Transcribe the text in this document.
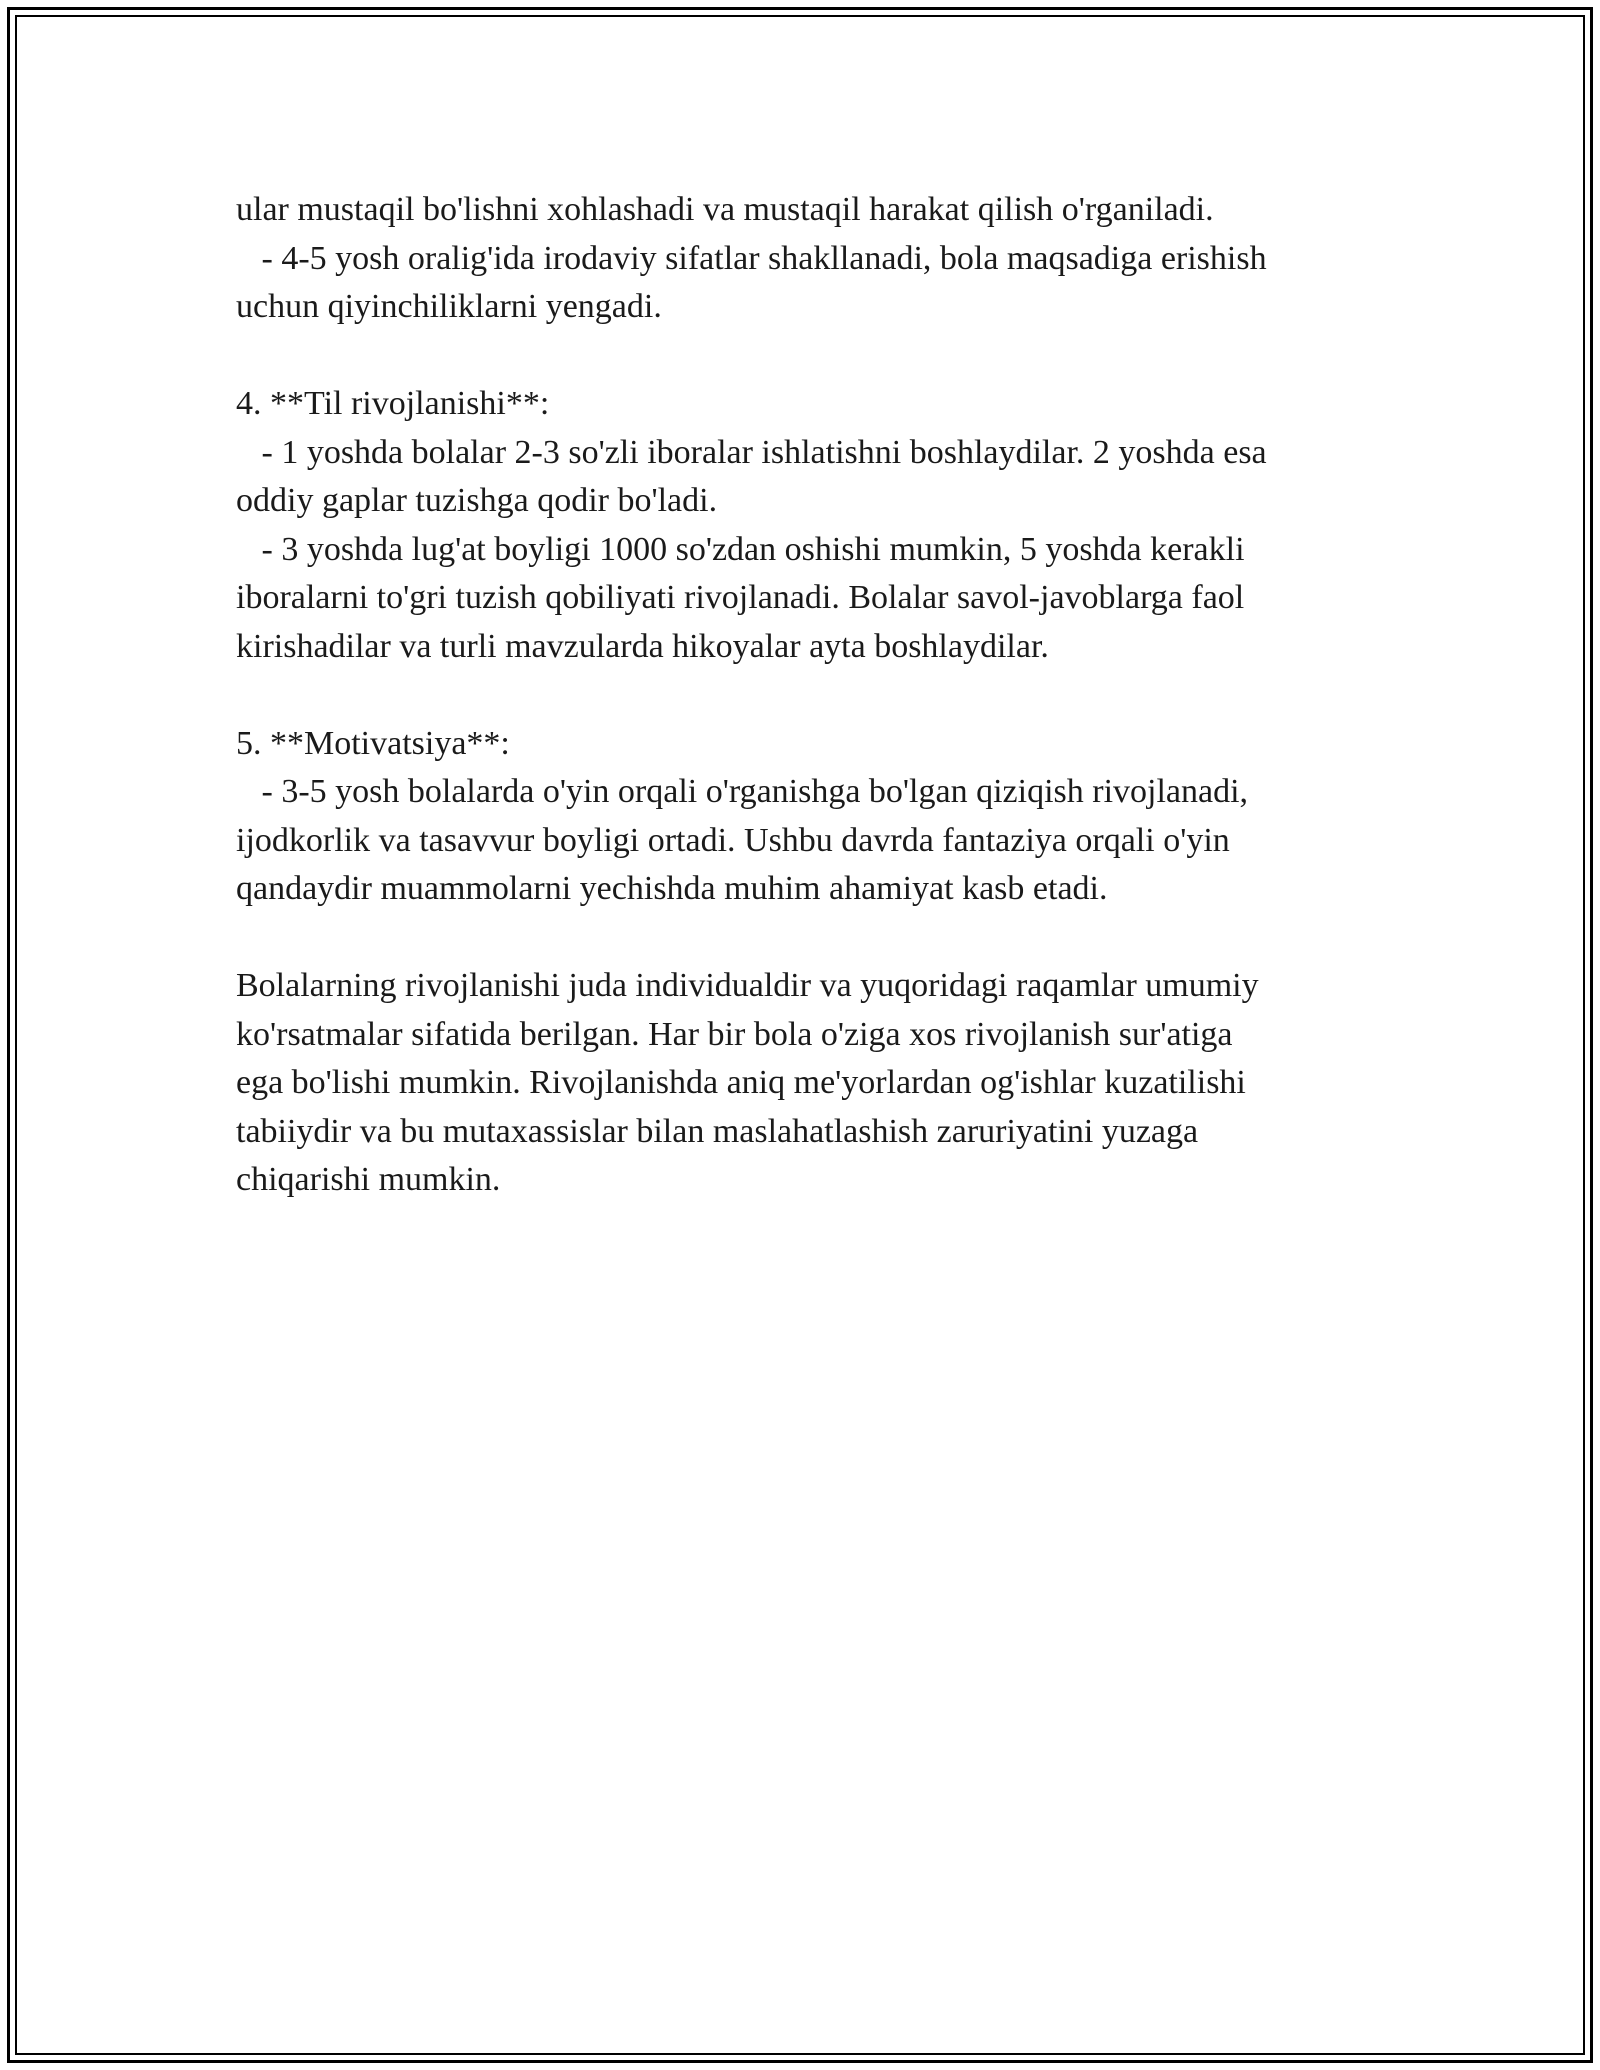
ular mustaqil bo'lishni xohlashadi va mustaqil harakat qilish o'rganiladi.

- 4-5 yosh oralig'ida irodaviy sifatlar shakllanadi, bola maqsadiga erishish

uchun qiyinchiliklarni yengadi.

4. **Til rivojlanishi**:

- 1 yoshda bolalar 2-3 so'zli iboralar ishlatishni boshlaydilar. 2 yoshda esa

oddiy gaplar tuzishga qodir bo'ladi.

- 3 yoshda lug'at boyligi 1000 so'zdan oshishi mumkin, 5 yoshda kerakli

iboralarni to'gri tuzish qobiliyati rivojlanadi. Bolalar savol-javoblarga faol

kirishadilar va turli mavzularda hikoyalar ayta boshlaydilar.

5. **Motivatsiya**:

- 3-5 yosh bolalarda o'yin orqali o'rganishga bo'lgan qiziqish rivojlanadi,

ijodkorlik va tasavvur boyligi ortadi. Ushbu davrda fantaziya orqali o'yin

qandaydir muammolarni yechishda muhim ahamiyat kasb etadi.

Bolalarning rivojlanishi juda individualdir va yuqoridagi raqamlar umumiy

ko'rsatmalar sifatida berilgan. Har bir bola o'ziga xos rivojlanish sur'atiga

ega bo'lishi mumkin. Rivojlanishda aniq me'yorlardan og'ishlar kuzatilishi

tabiiydir va bu mutaxassislar bilan maslahatlashish zaruriyatini yuzaga

chiqarishi mumkin.
